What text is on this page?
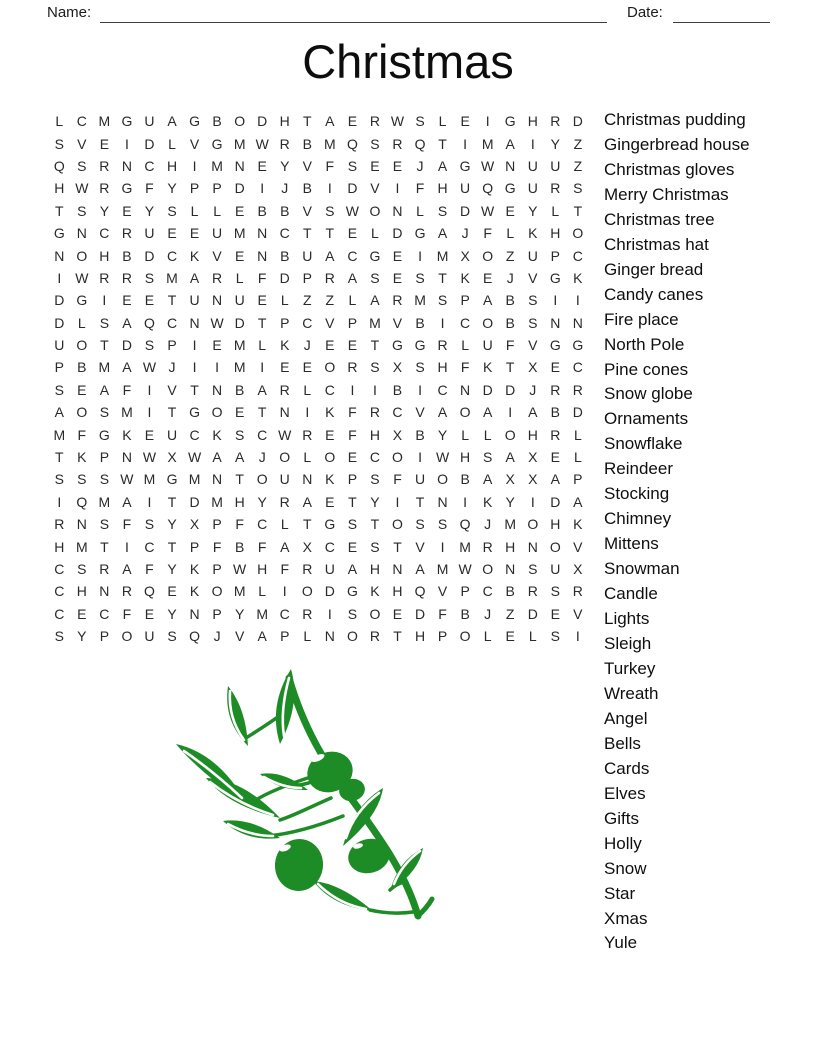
Name:	Date:
Christmas
L C M G U A G B O D H T A E R W S L E	I	G H R D
S V E	I	D L V G M W R B M Q S R Q T	I	M A	I	Y Z
Q S R N C H	I	M N E Y V F S E E	J	A G W N U U Z
H W R G F Y P P D	I	J	B	I	D V	I	F H U Q G U R S
T S Y E Y S L	L E B B V S W O N L S D W E Y L	T
G N C R U E E U M N C T T E L D G A	J	F	L K H O
N O H B D C K V E N B U A C G E	I	M X O Z U P C
I W R R S M A R L	F D P R A S E S T K E	J	V G K
D G	I	E E T U N U E L	Z Z	L A R M S P A B S	I	I
D L S A Q C N W D T P C V P M V B	I	C O B S N N
U O T D S P	I	E M L K	J	E E T G G R L U F V G G
P B M A W J	I	I	M	I	E E O R S X S H F K T X E C
S E A F	I	V T N B A R L C	I	I	B	I	C N D D J R R
A O S M	I	T G O E T N	I	K F R C V A O A	I	A B D
M F G K E U C K S C W R E F H X B Y L	L O H R L
T K P N W X W A A	J O L O E C O	I W H S A X E L
S S S W M G M N T O U N K P S F U O B A X X A P
I	Q M A	I	T D M H Y R A E T Y	I	T N	I	K Y	I	D A
R N S F S Y X P F C L	T G S T O S S Q J M O H K
H M T	I	C T P F B F A X C E S T V	I	M R H N O V
C S R A F Y K P W H F R U A H N A M W O N S U X
C H N R Q E K O M L	I	O D G K H Q V P C B R S R
C E C F E Y N P Y M C R	I	S O E D F B	J	Z D E V
S Y P O U S Q J	V A P L N O R T H P O L E L S	I
Christmas pudding
Gingerbread house
Christmas gloves
Merry Christmas
Christmas tree
Christmas hat
Ginger bread
Candy canes
Fire place
North Pole
Pine cones
Snow globe
Ornaments
Snowflake
Reindeer
Stocking
Chimney
Mittens
Snowman
Candle
Lights
Sleigh
Turkey
Wreath
Angel
Bells
Cards
Elves
Gifts
Holly
Snow
Star
Xmas
Yule
